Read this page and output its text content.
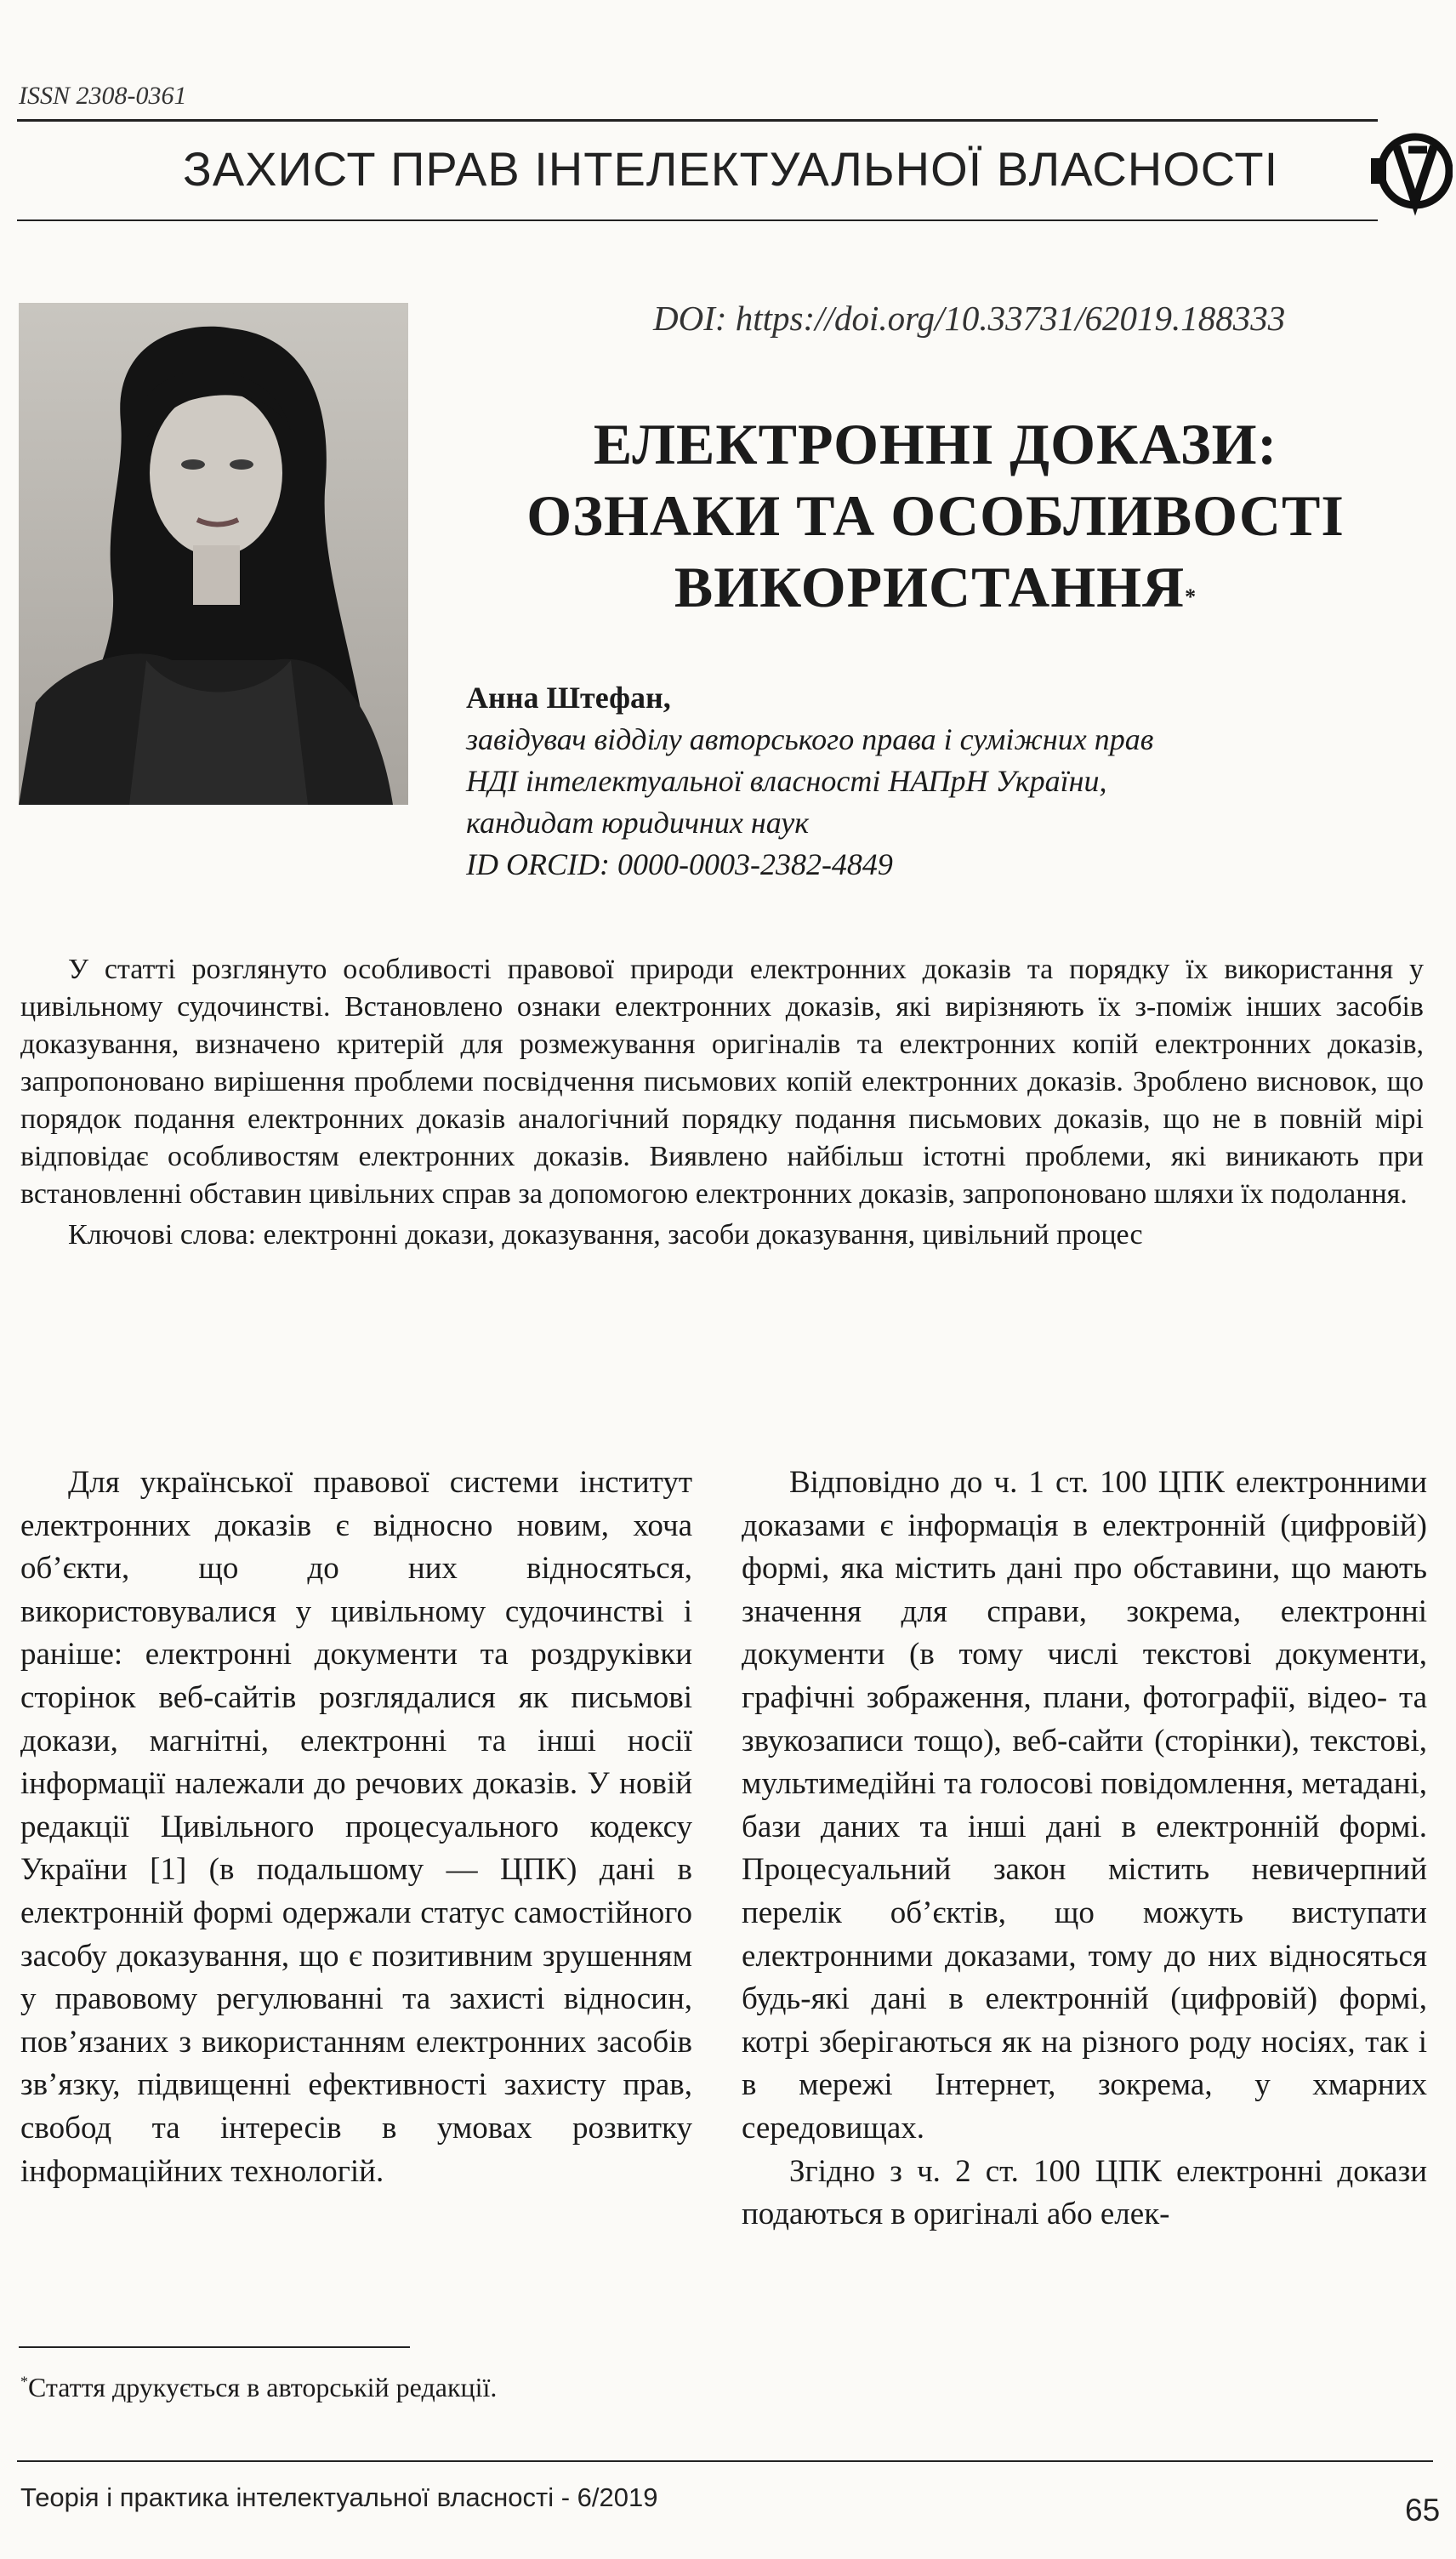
ISSN 2308-0361
ЗАХИСТ ПРАВ ІНТЕЛЕКТУАЛЬНОЇ ВЛАСНОСТІ
DOI: https://doi.org/10.33731/62019.188333
ЕЛЕКТРОННІ ДОКАЗИ:
ОЗНАКИ ТА ОСОБЛИВОСТІ
ВИКОРИСТАННЯ*
Анна Штефан,
завідувач відділу авторського права і суміжних прав
НДІ інтелектуальної власності НАПрН України,
кандидат юридичних наук
ID ORCID: 0000-0003-2382-4849

У статті розглянуто особливості правової природи електронних доказів та порядку їх використання у цивільному судочинстві. Встановлено ознаки електронних доказів, які вирізняють їх з-поміж інших засобів доказування, визначено критерій для розмежування оригіналів та електронних копій електронних доказів, запропоновано вирішення проблеми посвідчення письмових копій електронних доказів. Зроблено висновок, що порядок подання електронних доказів аналогічний порядку подання письмових доказів, що не в повній мірі відповідає особливостям електронних доказів. Виявлено найбільш істотні проблеми, які виникають при встановленні обставин цивільних справ за допомогою електронних доказів, запропоновано шляхи їх подолання.

Ключові слова: електронні докази, доказування, засоби доказування, цивільний процес

Для української правової системи інститут електронних доказів є відносно новим, хоча об’єкти, що до них відносяться, використовувалися у цивільному судочинстві і раніше: електронні документи та роздруківки сторінок веб-сайтів розглядалися як письмові докази, магнітні, електронні та інші носії інформації належали до речових доказів. У новій редакції Цивільного процесуального кодексу України [1] (в подальшому — ЦПК) дані в електронній формі одержали статус самостійного засобу доказування, що є позитивним зрушенням у правовому регулюванні та захисті відносин, пов’язаних з використанням електронних засобів зв’язку, підвищенні ефективності захисту прав, свобод та інтересів в умовах розвитку інформаційних технологій.

Відповідно до ч. 1 ст. 100 ЦПК електронними доказами є інформація в електронній (цифровій) формі, яка містить дані про обставини, що мають значення для справи, зокрема, електронні документи (в тому числі текстові документи, графічні зображення, плани, фотографії, відео- та звукозаписи тощо), веб-сайти (сторінки), текстові, мультимедійні та голосові повідомлення, метадані, бази даних та інші дані в електронній формі. Процесуальний закон містить невичерпний перелік об’єктів, що можуть виступати електронними доказами, тому до них відносяться будь-які дані в електронній (цифровій) формі, котрі зберігаються як на різного роду носіях, так і в мережі Інтернет, зокрема, у хмарних середовищах.

Згідно з ч. 2 ст. 100 ЦПК електронні докази подаються в оригіналі або елек-

*Стаття друкується в авторській редакції.
Теорія і практика інтелектуальної власності - 6/2019	65
